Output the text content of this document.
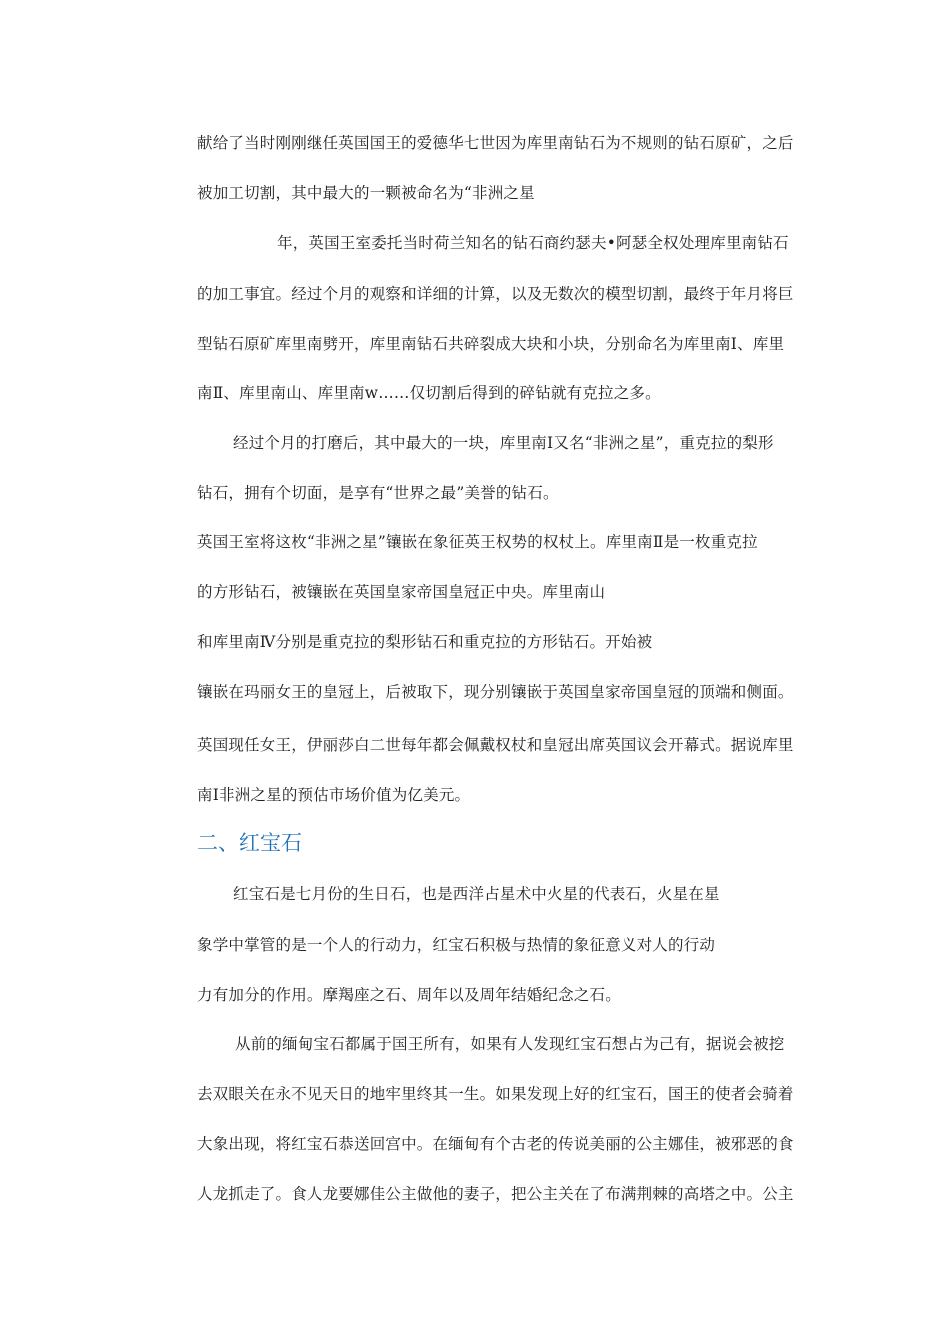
献给了当时刚刚继任英国国王的爱德华七世因为库里南钻石为不规则的钻石原矿，之后
被加工切割，其中最大的一颗被命名为“非洲之星
年，英国王室委托当时荷兰知名的钻石商约瑟夫•阿瑟全权处理库里南钻石
的加工事宜。经过个月的观察和详细的计算，以及无数次的模型切割，最终于年月将巨
型钻石原矿库里南劈开，库里南钻石共碎裂成大块和小块，分别命名为库里南Ⅰ、库里
南Ⅱ、库里南山、库里南w……仅切割后得到的碎钻就有克拉之多。
经过个月的打磨后，其中最大的一块，库里南Ⅰ又名“非洲之星”，重克拉的梨形
钻石，拥有个切面，是享有“世界之最”美誉的钻石。
英国王室将这枚“非洲之星”镶嵌在象征英王权势的权杖上。库里南Ⅱ是一枚重克拉
的方形钻石，被镶嵌在英国皇家帝国皇冠正中央。库里南山
和库里南Ⅳ分别是重克拉的梨形钻石和重克拉的方形钻石。开始被
镶嵌在玛丽女王的皇冠上，后被取下，现分别镶嵌于英国皇家帝国皇冠的顶端和侧面。
英国现任女王，伊丽莎白二世每年都会佩戴权杖和皇冠出席英国议会开幕式。据说库里
南Ⅰ非洲之星的预估市场价值为亿美元。
二、红宝石
红宝石是七月份的生日石，也是西洋占星术中火星的代表石，火星在星
象学中掌管的是一个人的行动力，红宝石积极与热情的象征意义对人的行动
力有加分的作用。摩羯座之石、周年以及周年结婚纪念之石。
从前的缅甸宝石都属于国王所有，如果有人发现红宝石想占为己有，据说会被挖
去双眼关在永不见天日的地牢里终其一生。如果发现上好的红宝石，国王的使者会骑着
大象出现，将红宝石恭送回宫中。在缅甸有个古老的传说美丽的公主娜佳，被邪恶的食
人龙抓走了。食人龙要娜佳公主做他的妻子，把公主关在了布满荆棘的高塔之中。公主
